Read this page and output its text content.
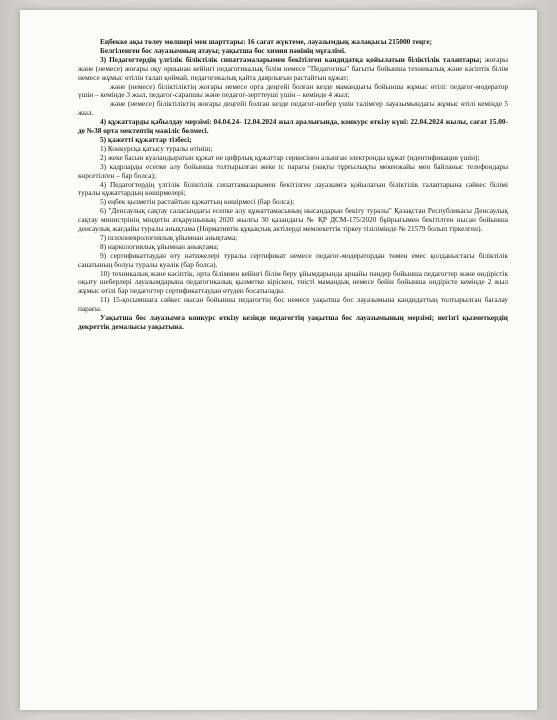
Еңбекке ақы төлеу мөлшері мен шарттары: 16 сағат жүктеме, лауазымдық жалақысы 215000 теңге;

Белгіленген бос лауазымның атауы; уақытша бос химия пәнінің мұғалімі.

3) Педагогтердің үлгілік біліктілік сипаттамаларымен бекітілген кандидатқа қойылатын біліктілік талаптары; жоғары және (немесе) жоғары оқу орнынан кейінгі педагогикалық білім немесе "Педагогика" бағыты бойынша техникалық және кәсіптік білім немесе жұмыс өтілін талап қоймай, педагогикалық қайта даярлығын растайтын құжат;

және (немесе) біліктіліктің жоғары немесе орта деңгейі болған кезде мамандығы бойынша жұмыс өтілі: педагог-модератор үшін – кемінде 3 жыл, педагог-сарапшы және педагог-зерттеуші үшін – кемінде 4 жыл;

және (немесе) біліктіліктің жоғары деңгейі болған кезде педагог-шебер үшін талімгер лауазымындағы жұмыс өтілі кемінде 5 жыл.

4) құжаттарды қабылдау мерзімі: 04.04.24- 12.04.2024 жыл аралығында, конкурс өткізу күні: 22.04.2024 жылы, сағат 15.00-де №38 орта мектептің мәжіліс бөлмесі.

5) қажетті құжаттар тізбесі;

1) Конкурсқа қатысу туралы өтініш;

2) жеке басын куәландыратын құжат не цифрлық құжаттар сервисінен алынған электронды құжат (идентификация үшін);

3) кадрларды есепке алу бойынша толтырылған жеке іс парағы (нақты тұрғылықты мекенжайы мен байланыс телефондары көрсетілген – бар болса);

4) Педагогтердің үлгілік біліктілік сипаттамаларымен бекітілген лауазымға қойылатын біліктілік талаптарына сәйкес білімі туралы құжаттардың көшірмелері;

5) еңбек қызметін растайтын құжаттың көшірмесі (бар болса);

6) "Денсаулық сақтау саласындағы есепке алу құжаттамасының нысандарын бекіту туралы" Қазақстан Республикасы Денсаулық сақтау министрінің міндетін атқарушының 2020 жылғы 30 қазандағы № ҚР ДСМ-175/2020 бұйрығымен бекітілген нысан бойынша денсаулық жағдайы туралы анықтама (Нормативтік құқықтық актілерді мемлекеттік тіркеу тізілімінде № 21579 болып тіркелген).

7) психоневрологиялық ұйымнан анықтама;

8) наркологиялық ұйымнан анықтама;

9) сертификаттаудан өту нәтижелері туралы сертификат немесе педагог-модератордан төмен емес қолданыстағы біліктілік санатының болуы туралы куәлік (бар болса).

10) техникалық және кәсіптік, орта білімнен кейінгі білім беру ұйымдарында арнайы пәндер бойынша педагогтер және өндірістік оқыту шеберлері лауазымдарына педагогикалық қызметке кіріскен, тиісті мамандық немесе бейін бойынша өндірісте кемінде 2 жыл жұмыс өтілі бар педагогтер сертификаттаудан өтуден босатылады.

11) 15-қосымшаға сәйкес нысан бойынша педагогтің бос немесе уақытша бос лауазымына кандидаттың толтырылған бағалау парағы.

Уақытша бос лауазымға конкурс өткізу кезінде педагогтің уақытша бос лауазымының мерзімі; негізгі қызметкердің декреттік демалысы уақытына.
